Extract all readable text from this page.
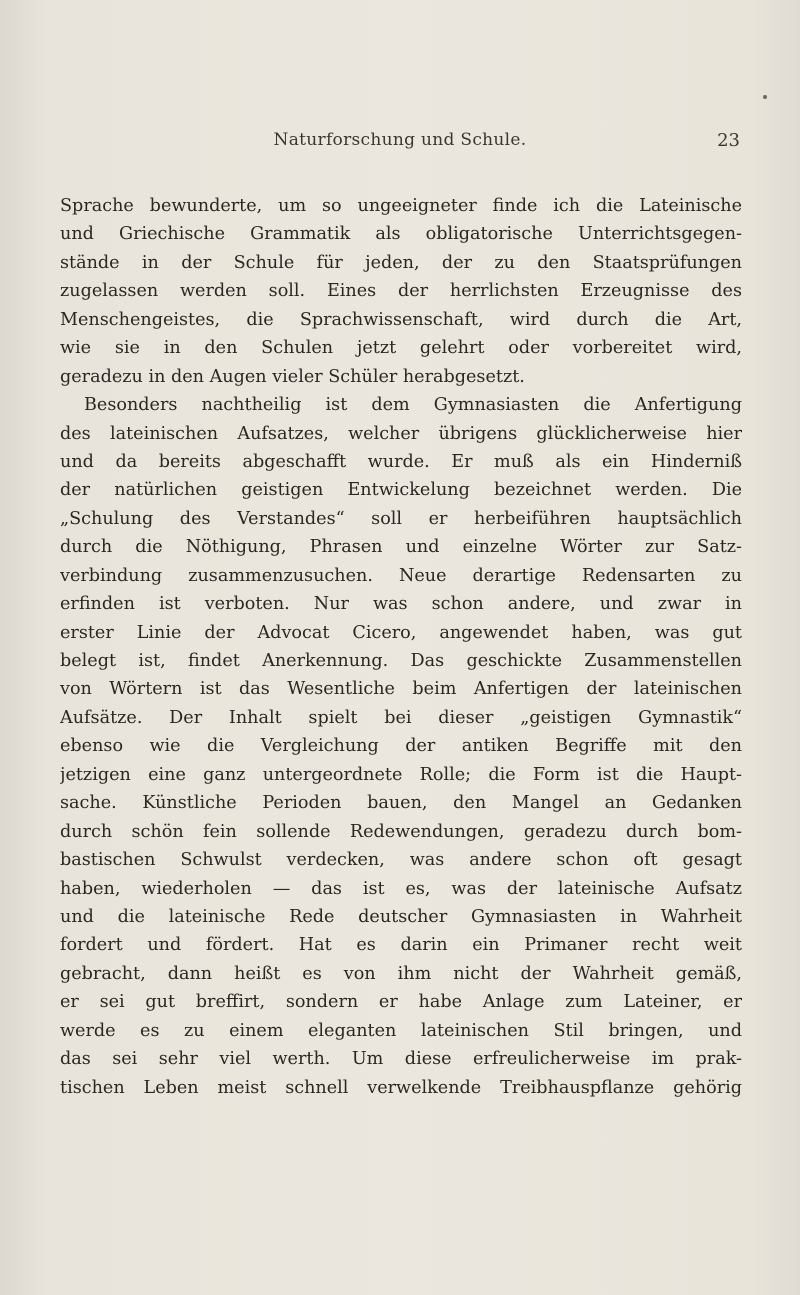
Naturforschung und Schule.	23
Sprache bewunderte, um so ungeeigneter finde ich die Lateinische
und Griechische Grammatik als obligatorische Unterrichtsgegen-
stände in der Schule für jeden, der zu den Staatsprüfungen
zugelassen werden soll. Eines der herrlichsten Erzeugnisse des
Menschengeistes, die Sprachwissenschaft, wird durch die Art,
wie sie in den Schulen jetzt gelehrt oder vorbereitet wird,
geradezu in den Augen vieler Schüler herabgesetzt.
Besonders nachtheilig ist dem Gymnasiasten die Anfertigung
des lateinischen Aufsatzes, welcher übrigens glücklicherweise hier
und da bereits abgeschafft wurde. Er muß als ein Hinderniß
der natürlichen geistigen Entwickelung bezeichnet werden. Die
„Schulung des Verstandes“ soll er herbeiführen hauptsächlich
durch die Nöthigung, Phrasen und einzelne Wörter zur Satz-
verbindung zusammenzusuchen. Neue derartige Redensarten zu
erfinden ist verboten. Nur was schon andere, und zwar in
erster Linie der Advocat Cicero, angewendet haben, was gut
belegt ist, findet Anerkennung. Das geschickte Zusammenstellen
von Wörtern ist das Wesentliche beim Anfertigen der lateinischen
Aufsätze. Der Inhalt spielt bei dieser „geistigen Gymnastik“
ebenso wie die Vergleichung der antiken Begriffe mit den
jetzigen eine ganz untergeordnete Rolle; die Form ist die Haupt-
sache. Künstliche Perioden bauen, den Mangel an Gedanken
durch schön fein sollende Redewendungen, geradezu durch bom-
bastischen Schwulst verdecken, was andere schon oft gesagt
haben, wiederholen — das ist es, was der lateinische Aufsatz
und die lateinische Rede deutscher Gymnasiasten in Wahrheit
fordert und fördert. Hat es darin ein Primaner recht weit
gebracht, dann heißt es von ihm nicht der Wahrheit gemäß,
er sei gut breffirt, sondern er habe Anlage zum Lateiner, er
werde es zu einem eleganten lateinischen Stil bringen, und
das sei sehr viel werth. Um diese erfreulicherweise im prak-
tischen Leben meist schnell verwelkende Treibhauspflanze gehörig
